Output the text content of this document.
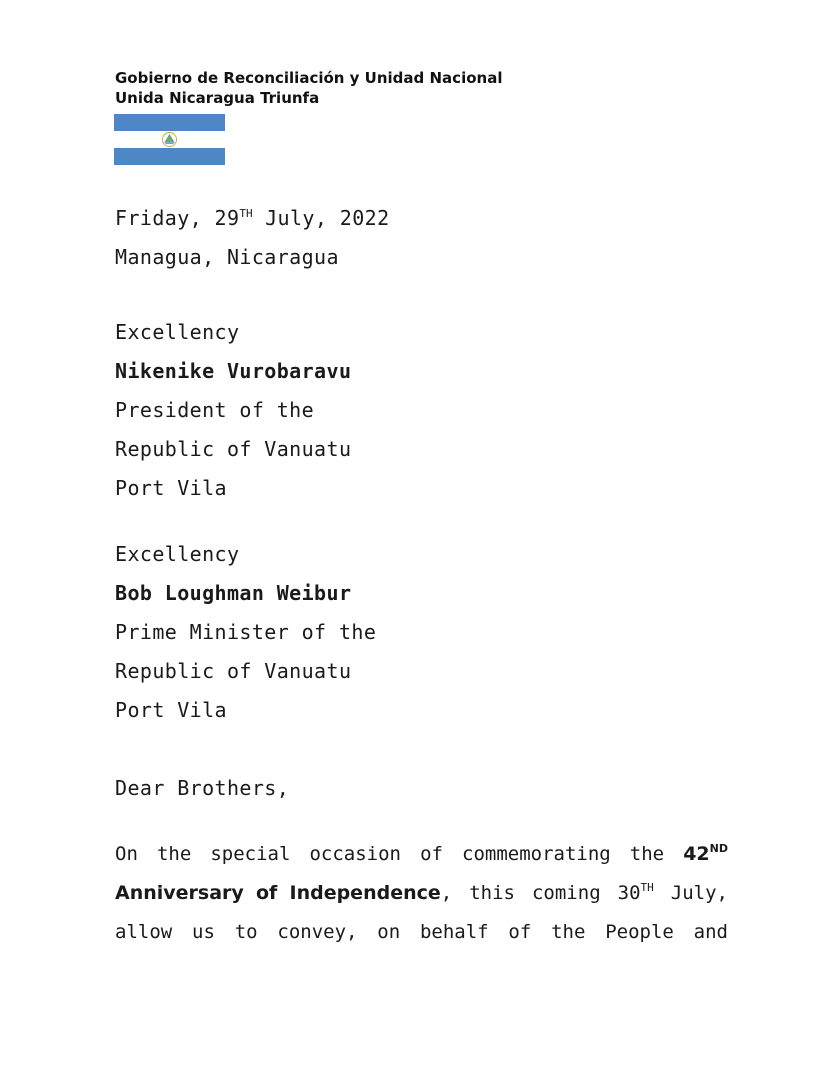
Gobierno de Reconciliación y Unidad Nacional
Unida Nicaragua Triunfa
Friday, 29TH July, 2022
Managua, Nicaragua
Excellency
Nikenike Vurobaravu
President of the
Republic of Vanuatu
Port Vila
Excellency
Bob Loughman Weibur
Prime Minister of the
Republic of Vanuatu
Port Vila
Dear Brothers,
On the special occasion of commemorating the 42ND
Anniversary of Independence, this coming 30TH July,
allow us to convey, on behalf of the People and
